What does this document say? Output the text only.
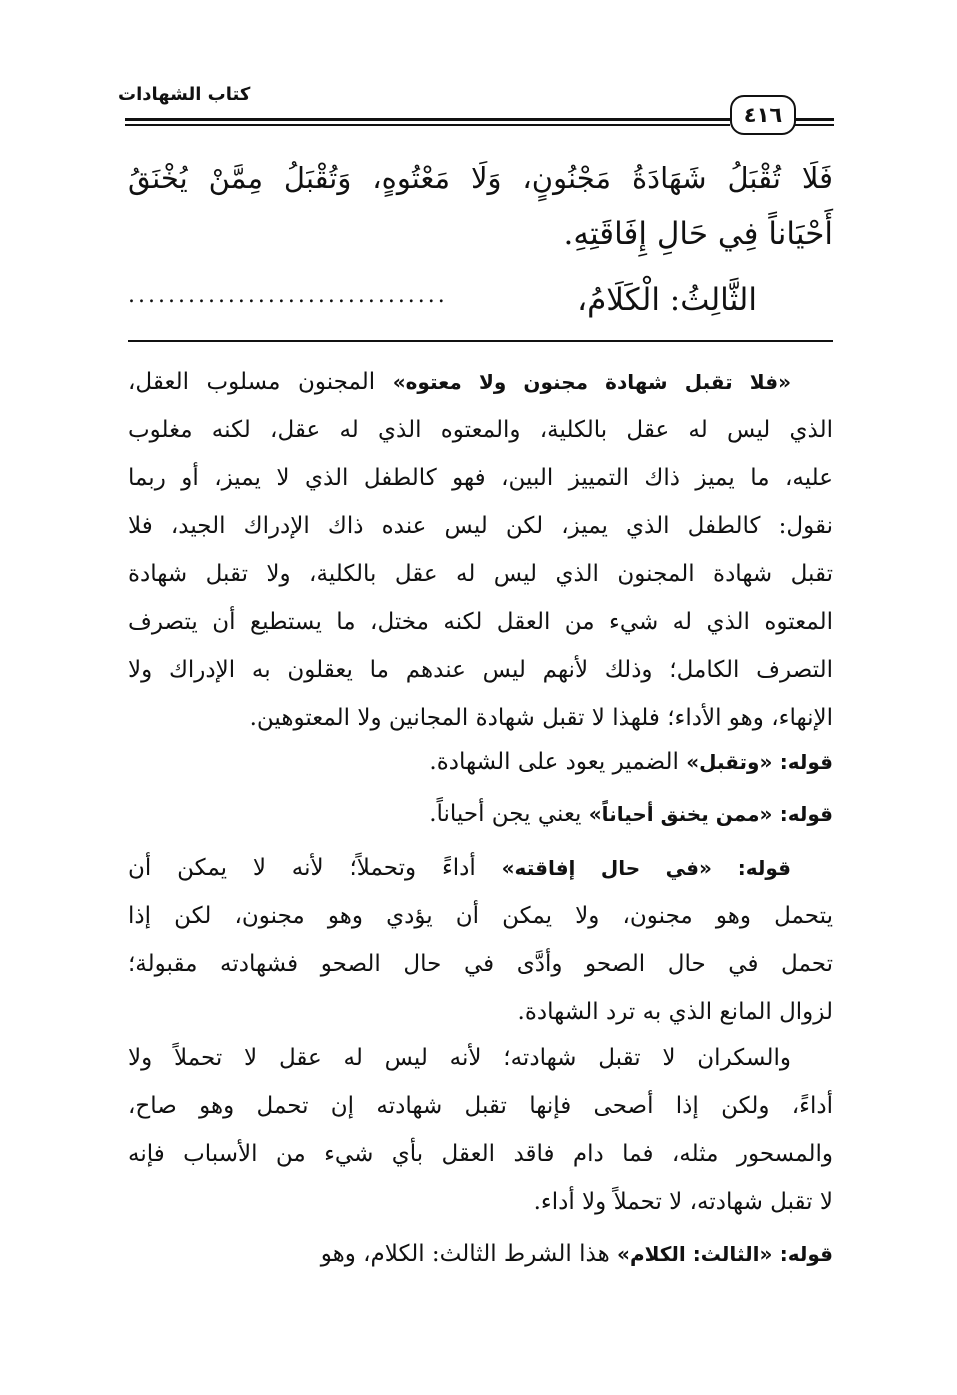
كتاب الشهادات
٤١٦
فَلَا تُقْبَلُ شَهَادَةُ مَجْنُونٍ، وَلَا مَعْتُوهٍ، وَتُقْبَلُ مِمَّنْ يُخْنَقُ
أَحْيَاناً فِي حَالِ إِفَاقَتِهِ.
الثَّالِثُ: الْكَلَامُ،
................................
«فلا تقبل شهادة مجنون ولا معتوه» المجنون مسلوب العقل،
الذي ليس له عقل بالكلية، والمعتوه الذي له عقل، لكنه مغلوب
عليه، ما يميز ذاك التمييز البين، فهو كالطفل الذي لا يميز، أو ربما
نقول: كالطفل الذي يميز، لكن ليس عنده ذاك الإدراك الجيد، فلا
تقبل شهادة المجنون الذي ليس له عقل بالكلية، ولا تقبل شهادة
المعتوه الذي له شيء من العقل لكنه مختل، ما يستطيع أن يتصرف
التصرف الكامل؛ وذلك لأنهم ليس عندهم ما يعقلون به الإدراك ولا
الإنهاء، وهو الأداء؛ فلهذا لا تقبل شهادة المجانين ولا المعتوهين.
قوله: «وتقبل» الضمير يعود على الشهادة.
قوله: «ممن يخنق أحياناً» يعني يجن أحياناً.
قوله: «في حال إفاقته» أداءً وتحملاً؛ لأنه لا يمكن أن
يتحمل وهو مجنون، ولا يمكن أن يؤدي وهو مجنون، لكن إذا
تحمل في حال الصحو وأدَّى في حال الصحو فشهادته مقبولة؛
لزوال المانع الذي به ترد الشهادة.
والسكران لا تقبل شهادته؛ لأنه ليس له عقل لا تحملاً ولا
أداءً، ولكن إذا أصحى فإنها تقبل شهادته إن تحمل وهو صاح،
والمسحور مثله، فما دام فاقد العقل بأي شيء من الأسباب فإنه
لا تقبل شهادته، لا تحملاً ولا أداء.
قوله: «الثالث: الكلام» هذا الشرط الثالث: الكلام، وهو
